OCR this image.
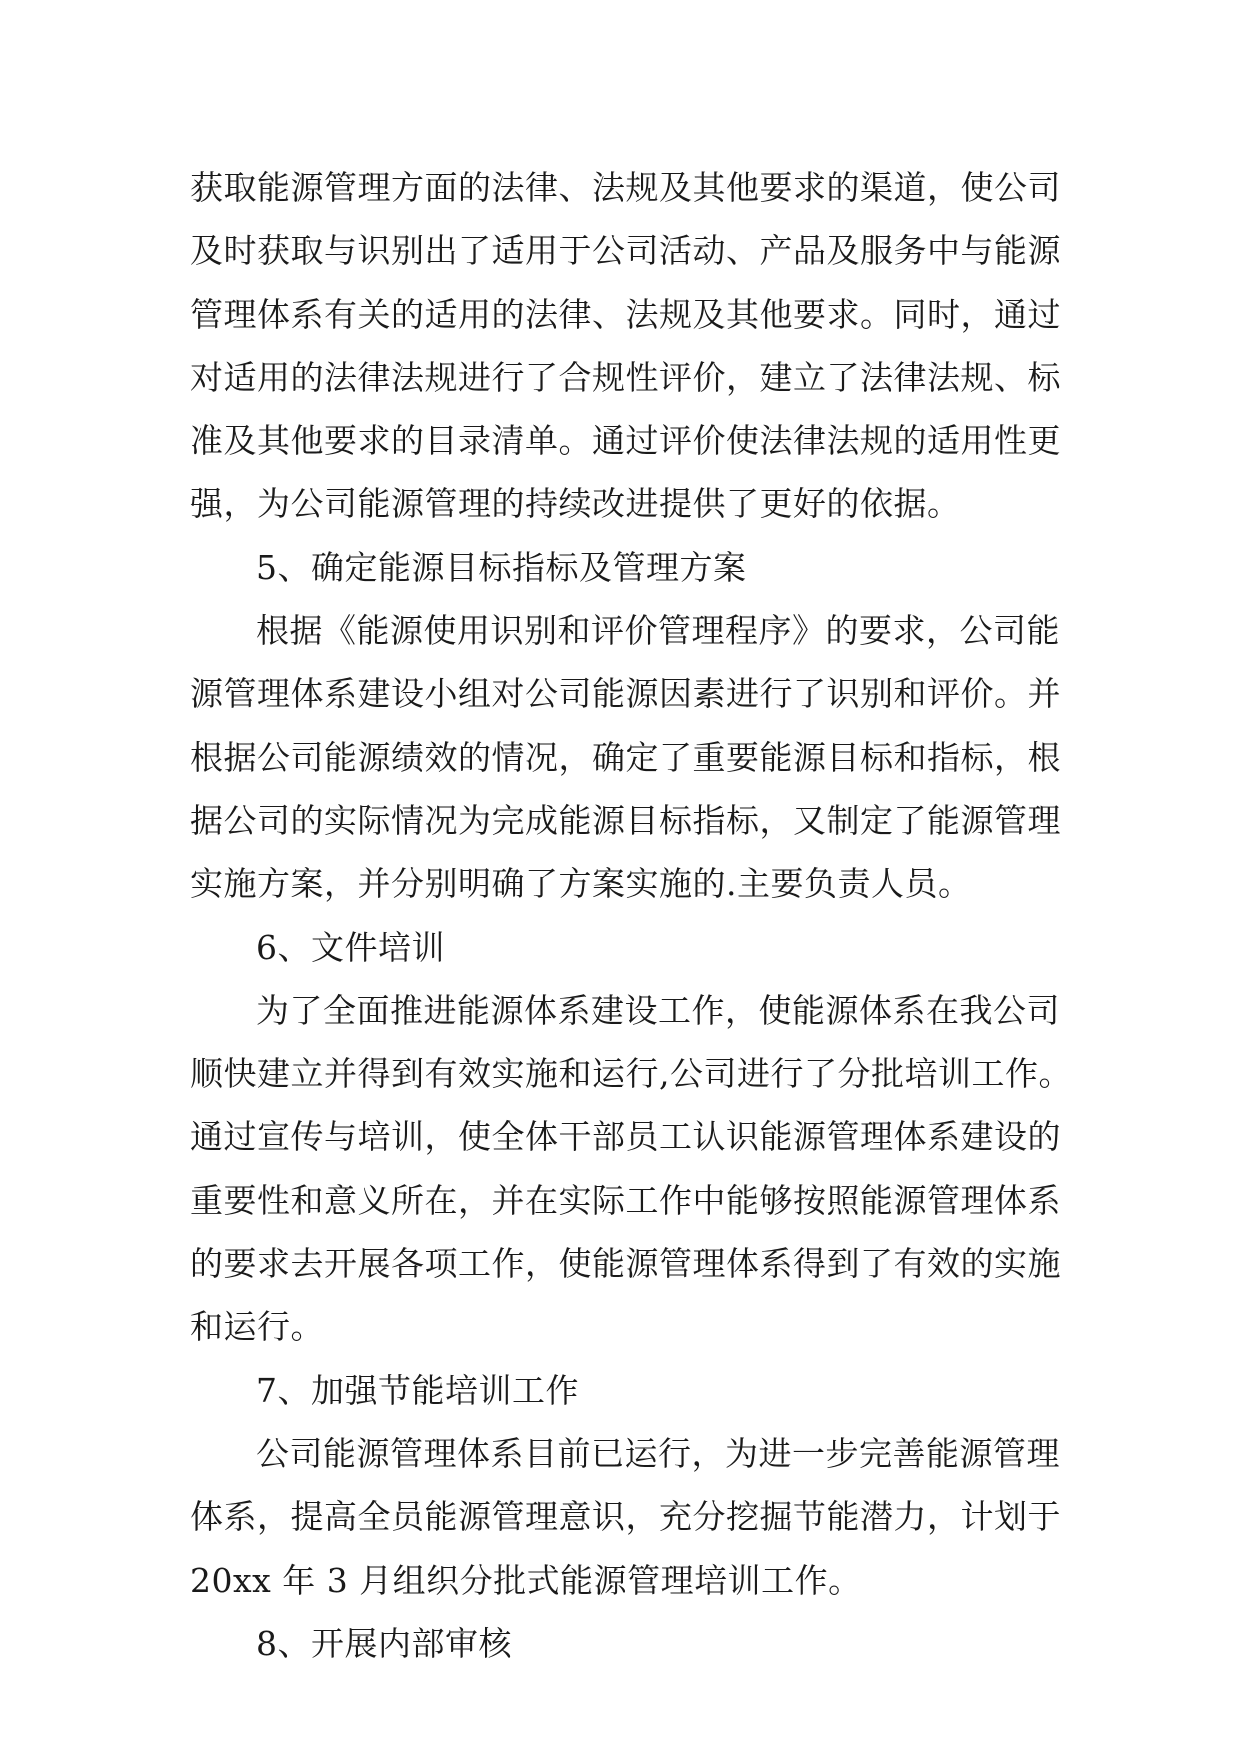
获取能源管理方面的法律、法规及其他要求的渠道，使公司
及时获取与识别出了适用于公司活动、产品及服务中与能源
管理体系有关的适用的法律、法规及其他要求。同时，通过
对适用的法律法规进行了合规性评价，建立了法律法规、标
准及其他要求的目录清单。通过评价使法律法规的适用性更
强，为公司能源管理的持续改进提供了更好的依据。
5、确定能源目标指标及管理方案
根据《能源使用识别和评价管理程序》的要求，公司能
源管理体系建设小组对公司能源因素进行了识别和评价。并
根据公司能源绩效的情况，确定了重要能源目标和指标，根
据公司的实际情况为完成能源目标指标，又制定了能源管理
实施方案，并分别明确了方案实施的.主要负责人员。
6、文件培训
为了全面推进能源体系建设工作，使能源体系在我公司
顺快建立并得到有效实施和运行,公司进行了分批培训工作。
通过宣传与培训，使全体干部员工认识能源管理体系建设的
重要性和意义所在，并在实际工作中能够按照能源管理体系
的要求去开展各项工作，使能源管理体系得到了有效的实施
和运行。
7、加强节能培训工作
公司能源管理体系目前已运行，为进一步完善能源管理
体系，提高全员能源管理意识，充分挖掘节能潜力，计划于
20xx 年 3 月组织分批式能源管理培训工作。
8、开展内部审核
